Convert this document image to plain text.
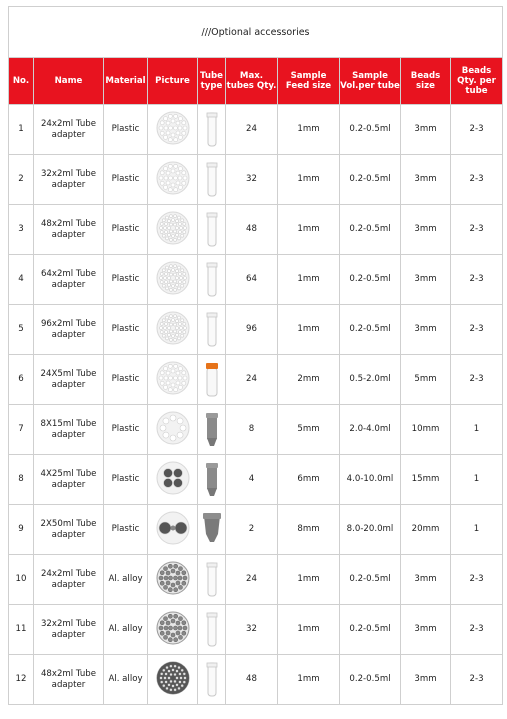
///Optional accessories									
No.	Name	Material	Picture	Tube type	Max. tubes Qty.	Sample Feed size	Sample Vol.per tube	Beads size	Beads Qty. per tube
1	24x2ml Tube adapter	Plastic			24	1mm	0.2-0.5ml	3mm	2-3
2	32x2ml Tube adapter	Plastic			32	1mm	0.2-0.5ml	3mm	2-3
3	48x2ml Tube adapter	Plastic			48	1mm	0.2-0.5ml	3mm	2-3
4	64x2ml Tube adapter	Plastic			64	1mm	0.2-0.5ml	3mm	2-3
5	96x2ml Tube adapter	Plastic			96	1mm	0.2-0.5ml	3mm	2-3
6	24X5ml Tube adapter	Plastic			24	2mm	0.5-2.0ml	5mm	2-3
7	8X15ml Tube adapter	Plastic			8	5mm	2.0-4.0ml	10mm	1
8	4X25ml Tube adapter	Plastic			4	6mm	4.0-10.0ml	15mm	1
9	2X50ml Tube adapter	Plastic			2	8mm	8.0-20.0ml	20mm	1
10	24x2ml Tube adapter	Al. alloy			24	1mm	0.2-0.5ml	3mm	2-3
11	32x2ml Tube adapter	Al. alloy			32	1mm	0.2-0.5ml	3mm	2-3
12	48x2ml Tube adapter	Al. alloy			48	1mm	0.2-0.5ml	3mm	2-3
